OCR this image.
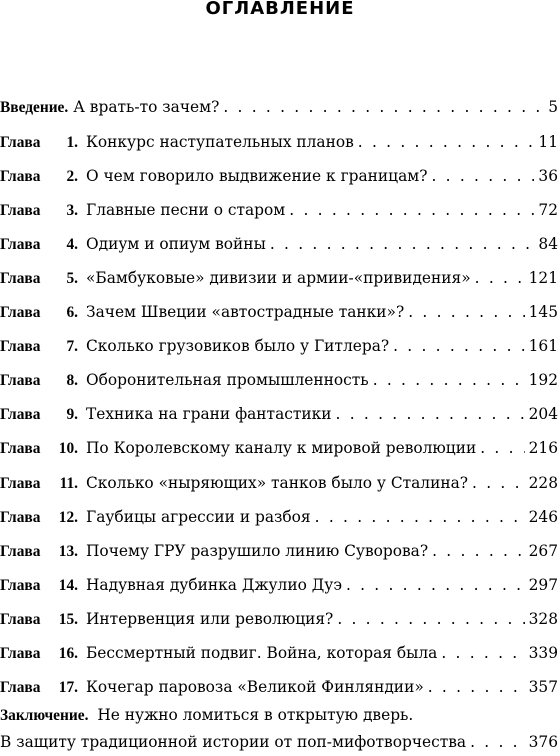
ОГЛАВЛЕНИЕ
Введение. А врать-то зачем? . . .	5
Глава 1. Конкурс наступательных планов . . .	11
Глава 2. О чем говорило выдвижение к границам? . . .	36
Глава 3. Главные песни о старом . . .	72
Глава 4. Одиум и опиум войны . . .	84
Глава 5. «Бамбуковые» дивизии и армии-«привидения» . . .	121
Глава 6. Зачем Швеции «автострадные танки»? . . .	145
Глава 7. Сколько грузовиков было у Гитлера? . . .	161
Глава 8. Оборонительная промышленность . . .	192
Глава 9. Техника на грани фантастики . . .	204
Глава 10. По Королевскому каналу к мировой революции . . .	216
Глава 11. Сколько «ныряющих» танков было у Сталина? . . .	228
Глава 12. Гаубицы агрессии и разбоя . . .	246
Глава 13. Почему ГРУ разрушило линию Суворова? . . .	267
Глава 14. Надувная дубинка Джулио Дуэ . . .	297
Глава 15. Интервенция или революция? . . .	328
Глава 16. Бессмертный подвиг. Война, которая была . . .	339
Глава 17. Кочегар паровоза «Великой Финляндии» . . .	357
Заключение. Не нужно ломиться в открытую дверь.
В защиту традиционной истории от поп-мифотворчества . . .	376
